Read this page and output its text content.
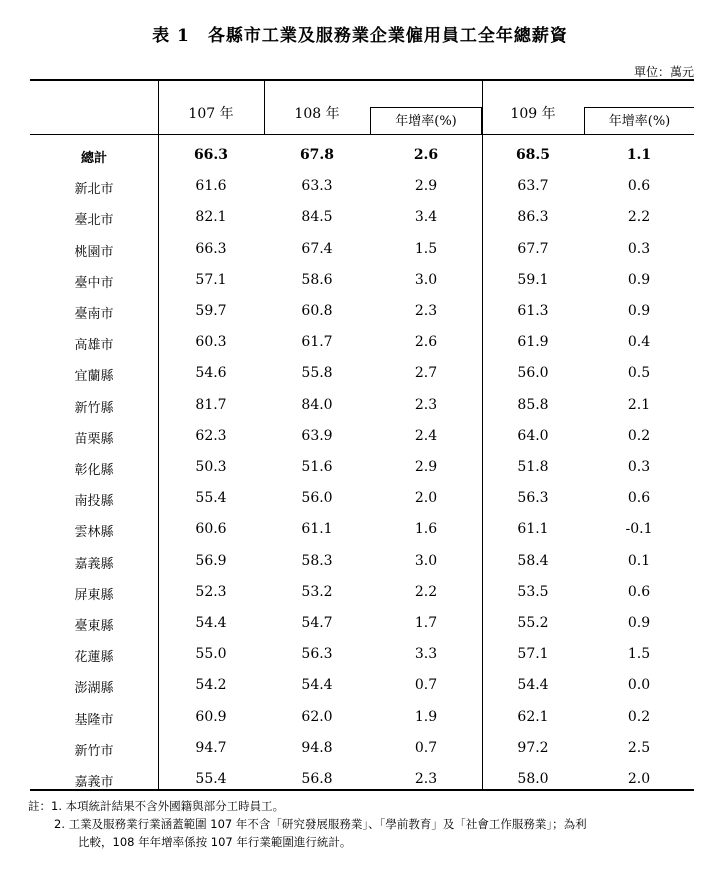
表 1 各縣市工業及服務業企業僱用員工全年總薪資
單位：萬元
107 年	108 年	109 年
年增率(%)	年增率(%)
總計	66.3	67.8	2.6	68.5	1.1
新北市	61.6	63.3	2.9	63.7	0.6
臺北市	82.1	84.5	3.4	86.3	2.2
桃園市	66.3	67.4	1.5	67.7	0.3
臺中市	57.1	58.6	3.0	59.1	0.9
臺南市	59.7	60.8	2.3	61.3	0.9
高雄市	60.3	61.7	2.6	61.9	0.4
宜蘭縣	54.6	55.8	2.7	56.0	0.5
新竹縣	81.7	84.0	2.3	85.8	2.1
苗栗縣	62.3	63.9	2.4	64.0	0.2
彰化縣	50.3	51.6	2.9	51.8	0.3
南投縣	55.4	56.0	2.0	56.3	0.6
雲林縣	60.6	61.1	1.6	61.1	-0.1
嘉義縣	56.9	58.3	3.0	58.4	0.1
屏東縣	52.3	53.2	2.2	53.5	0.6
臺東縣	54.4	54.7	1.7	55.2	0.9
花蓮縣	55.0	56.3	3.3	57.1	1.5
澎湖縣	54.2	54.4	0.7	54.4	0.0
基隆市	60.9	62.0	1.9	62.1	0.2
新竹市	94.7	94.8	0.7	97.2	2.5
嘉義市	55.4	56.8	2.3	58.0	2.0
註：1. 本項統計結果不含外國籍與部分工時員工。
2. 工業及服務業行業涵蓋範圍 107 年不含「研究發展服務業」、「學前教育」及「社會工作服務業」；為利
比較，108 年年增率係按 107 年行業範圍進行統計。
